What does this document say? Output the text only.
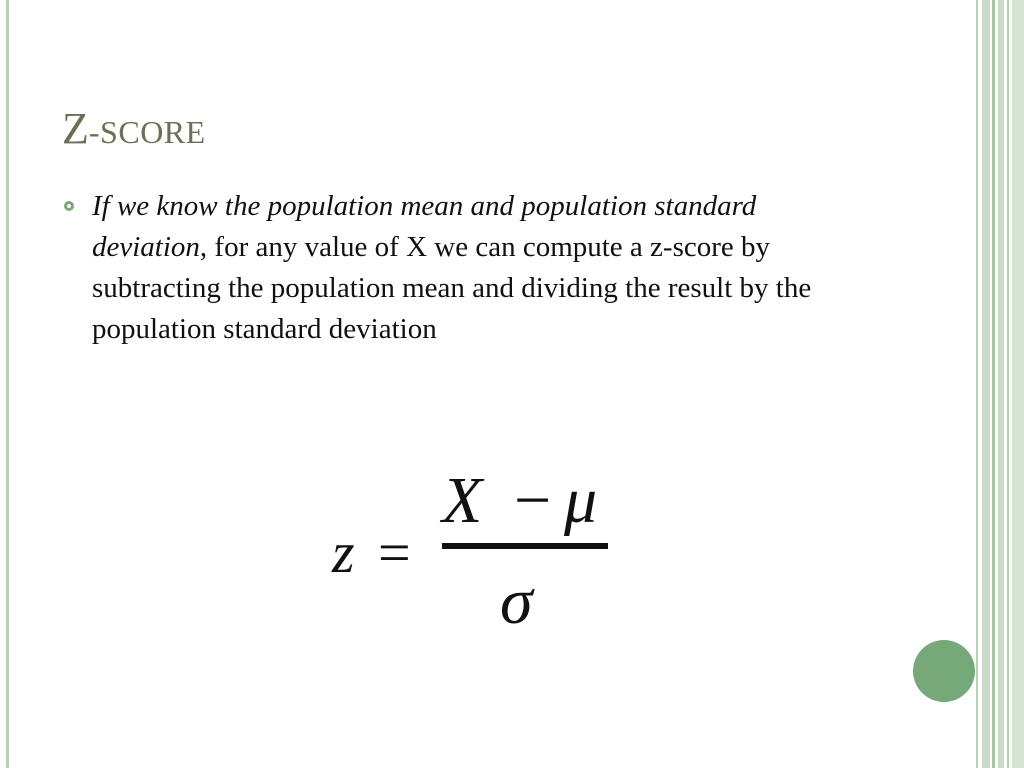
Z-SCORE
If we know the population mean and population standard deviation, for any value of X we can compute a z-score by subtracting the population mean and dividing the result by the population standard deviation
z =
X − μ
σ
